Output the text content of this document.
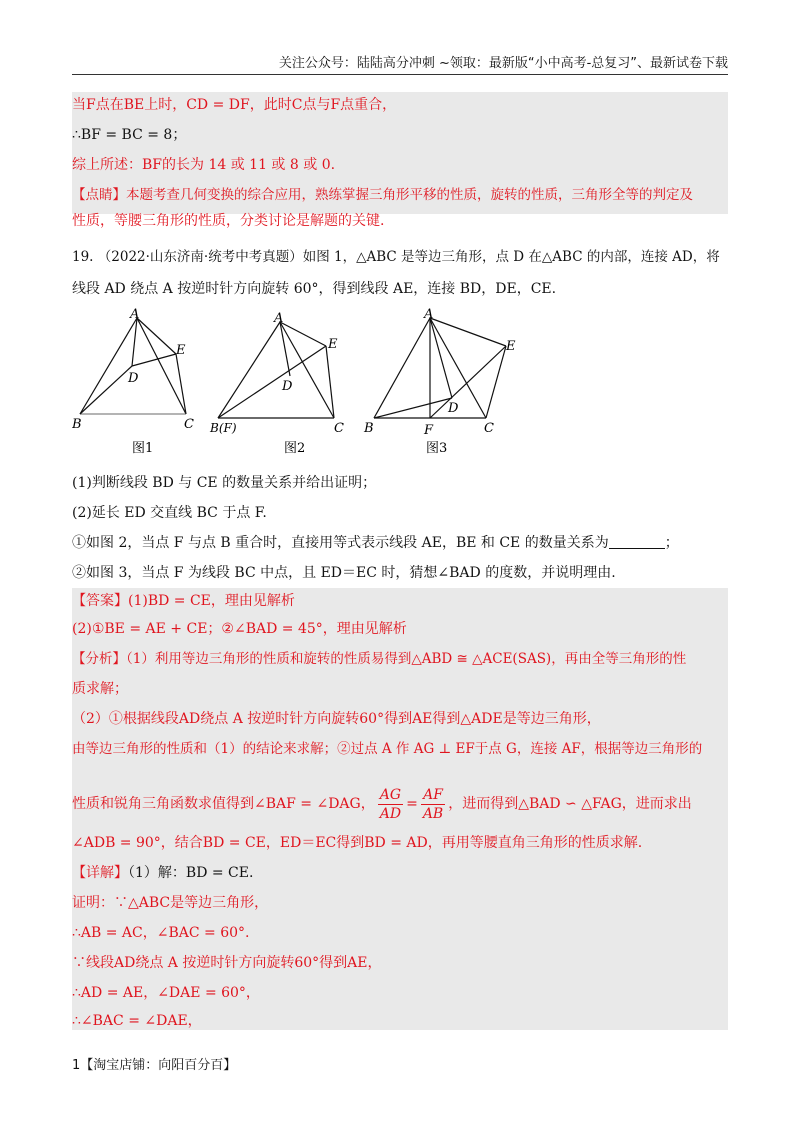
关注公众号：陆陆高分冲刺 ~领取：最新版“小中高考-总复习”、最新试卷下载
当F点在BE上时，CD = DF，此时C点与F点重合，
∴BF = BC = 8；
综上所述：BF的长为 14 或 11 或 8 或 0.
【点睛】本题考查几何变换的综合应用，熟练掌握三角形平移的性质，旋转的性质，三角形全等的判定及
性质，等腰三角形的性质，分类讨论是解题的关键.
19. （2022·山东济南·统考中考真题）如图 1，△ABC 是等边三角形，点 D 在△ABC 的内部，连接 AD，将
线段 AD 绕点 A 按逆时针方向旋转 60°，得到线段 AE，连接 BD，DE，CE.
A
B	C
D
E
图1
A
B(F)	C
D
E
图2
A
B	C
D
E
F
图3
(1)判断线段 BD 与 CE 的数量关系并给出证明；
(2)延长 ED 交直线 BC 于点 F.
①如图 2，当点 F 与点 B 重合时，直接用等式表示线段 AE，BE 和 CE 的数量关系为	；
②如图 3，当点 F 为线段 BC 中点，且 ED＝EC 时，猜想∠BAD 的度数，并说明理由.
【答案】(1)BD = CE，理由见解析
(2)①BE = AE + CE；②∠BAD = 45°，理由见解析
【分析】（1）利用等边三角形的性质和旋转的性质易得到△ABD ≅ △ACE(SAS)，再由全等三角形的性
质求解；
（2）①根据线段AD绕点 A 按逆时针方向旋转60°得到AE得到△ADE是等边三角形，
由等边三角形的性质和（1）的结论来求解；②过点 A 作 AG ⊥ EF于点 G，连接 AF，根据等边三角形的
性质和锐角三角函数求值得到∠BAF = ∠DAG， $\frac{AG}{AD} = \frac{AF}{AB}$ ，进而得到△BAD ∽ △FAG，进而求出
∠ADB = 90°，结合BD = CE，ED＝EC得到BD = AD，再用等腰直角三角形的性质求解.
【详解】（1）解：BD = CE.
证明：∵△ABC是等边三角形，
∴AB = AC，∠BAC = 60°.
∵线段AD绕点 A 按逆时针方向旋转60°得到AE，
∴AD = AE，∠DAE = 60°，
∴∠BAC = ∠DAE，
1【淘宝店铺：向阳百分百】
